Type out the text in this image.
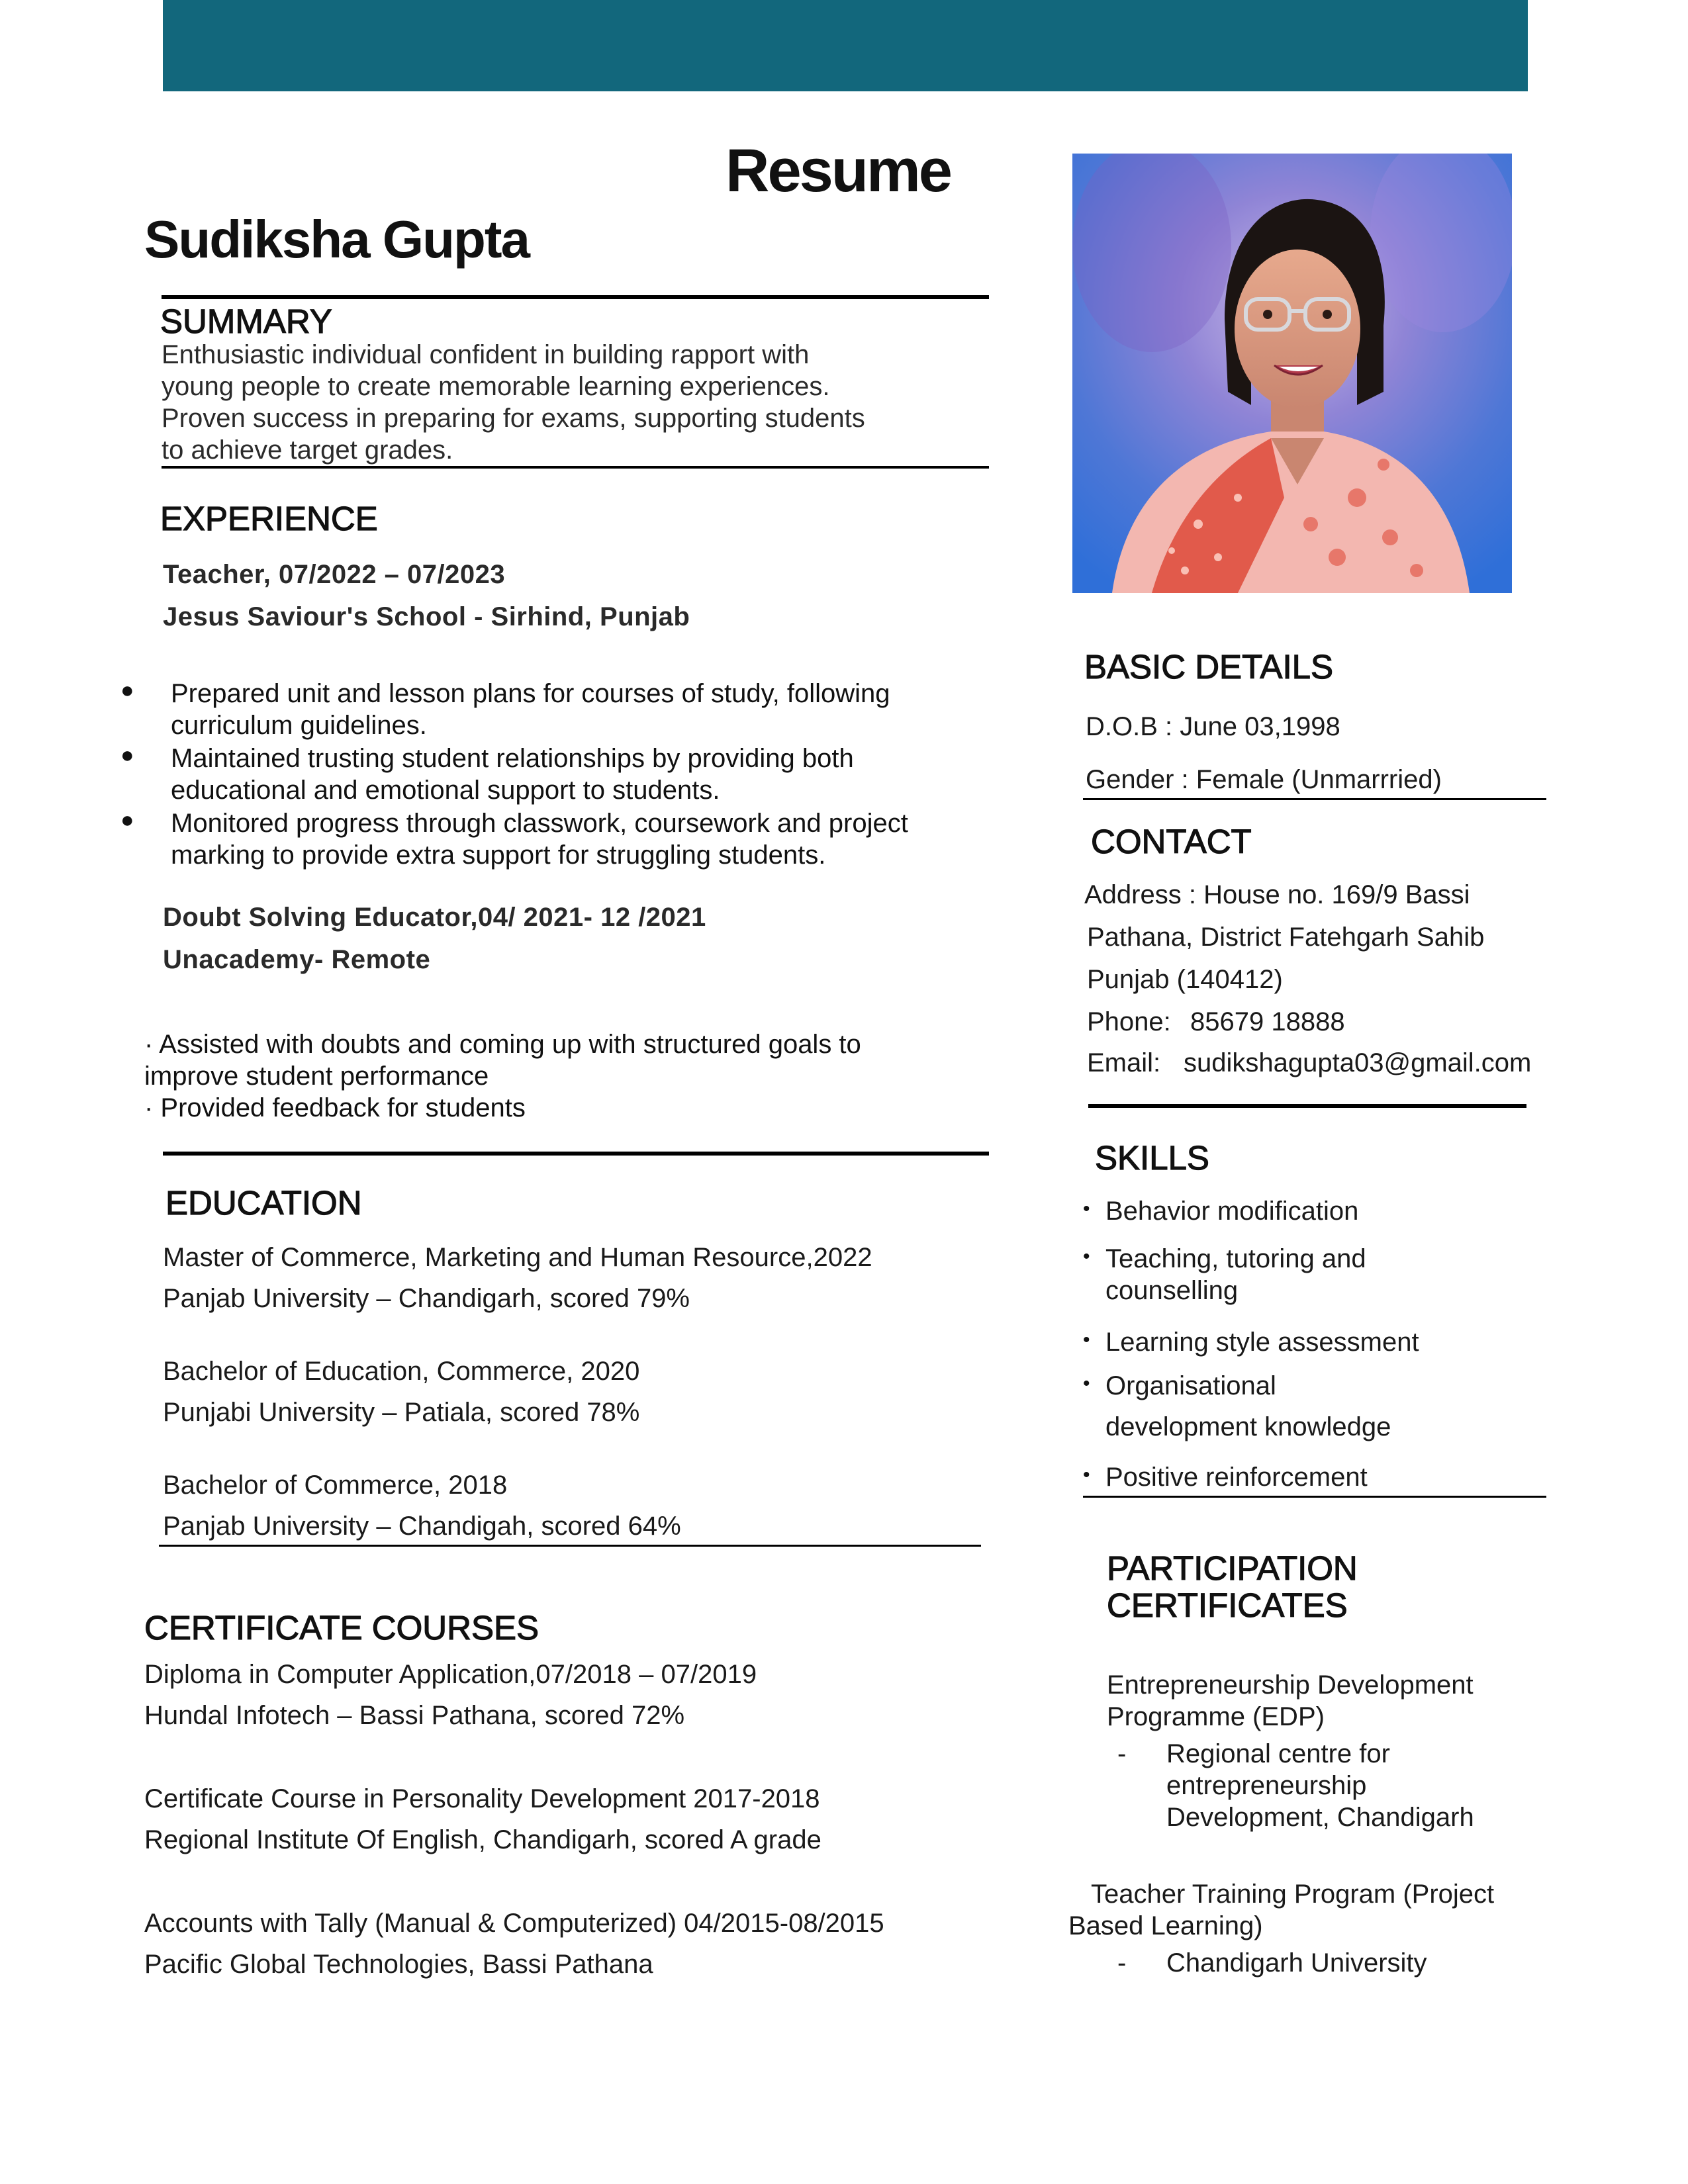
Resume
Sudiksha Gupta
SUMMARY
Enthusiastic individual confident in building rapport with
young people to create memorable learning experiences.
Proven success in preparing for exams, supporting students
to achieve target grades.
EXPERIENCE
Teacher, 07/2022 – 07/2023
Jesus Saviour's School - Sirhind, Punjab
● Prepared unit and lesson plans for courses of study, following
curriculum guidelines.
● Maintained trusting student relationships by providing both
educational and emotional support to students.
● Monitored progress through classwork, coursework and project
marking to provide extra support for struggling students.
Doubt Solving Educator,04/ 2021- 12 /2021
Unacademy- Remote
· Assisted with doubts and coming up with structured goals to
improve student performance
· Provided feedback for students
EDUCATION
Master of Commerce, Marketing and Human Resource,2022
Panjab University – Chandigarh, scored 79%
Bachelor of Education, Commerce, 2020
Punjabi University – Patiala, scored 78%
Bachelor of Commerce, 2018
Panjab University – Chandigah, scored 64%
CERTIFICATE COURSES
Diploma in Computer Application,07/2018 – 07/2019
Hundal Infotech – Bassi Pathana, scored 72%
Certificate Course in Personality Development 2017-2018
Regional Institute Of English, Chandigarh, scored A grade
Accounts with Tally (Manual & Computerized) 04/2015-08/2015
Pacific Global Technologies, Bassi Pathana
BASIC DETAILS
D.O.B : June 03,1998
Gender : Female (Unmarrried)
CONTACT
Address : House no. 169/9 Bassi
Pathana, District Fatehgarh Sahib
Punjab (140412)
Phone: 85679 18888
Email: sudikshagupta03@gmail.com
SKILLS
• Behavior modification
• Teaching, tutoring and
counselling
• Learning style assessment
• Organisational
development knowledge
• Positive reinforcement
PARTICIPATION
CERTIFICATES
Entrepreneurship Development
Programme (EDP)
- Regional centre for
entrepreneurship
Development, Chandigarh
Teacher Training Program (Project
Based Learning)
- Chandigarh University
